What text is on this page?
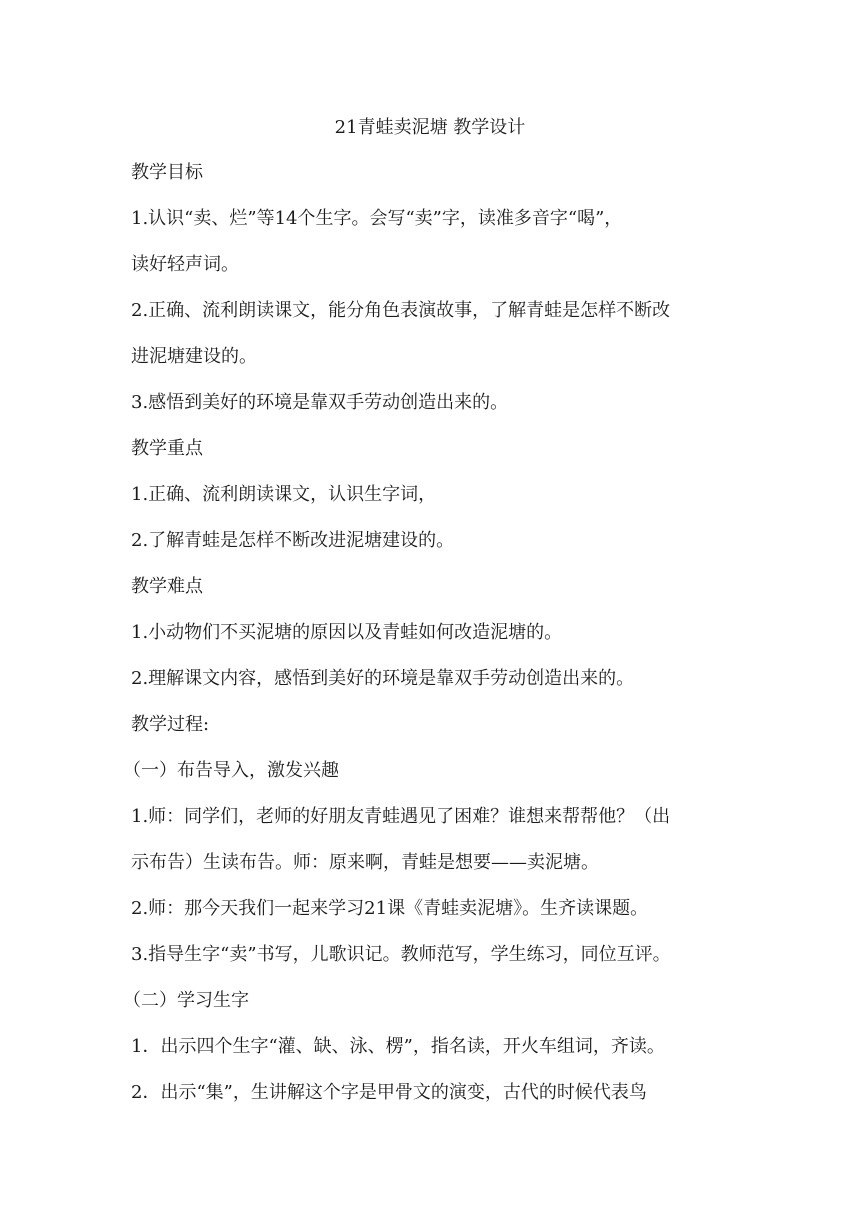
21青蛙卖泥塘 教学设计
教学目标
1.认识“卖、烂”等14个生字。会写“卖”字，读准多音字“喝”，
读好轻声词。
2.正确、流利朗读课文，能分角色表演故事，了解青蛙是怎样不断改
进泥塘建设的。
3.感悟到美好的环境是靠双手劳动创造出来的。
教学重点
1.正确、流利朗读课文，认识生字词，
2.了解青蛙是怎样不断改进泥塘建设的。
教学难点
1.小动物们不买泥塘的原因以及青蛙如何改造泥塘的。
2.理解课文内容，感悟到美好的环境是靠双手劳动创造出来的。
教学过程:
（一）布告导入，激发兴趣
1.师：同学们，老师的好朋友青蛙遇见了困难？谁想来帮帮他？（出
示布告）生读布告。师：原来啊，青蛙是想要——卖泥塘。
2.师：那今天我们一起来学习21课《青蛙卖泥塘》。生齐读课题。
3.指导生字“卖”书写，儿歌识记。教师范写，学生练习，同位互评。
（二）学习生字
1．出示四个生字“灌、缺、泳、楞”，指名读，开火车组词，齐读。
2．出示“集”，生讲解这个字是甲骨文的演变，古代的时候代表鸟
